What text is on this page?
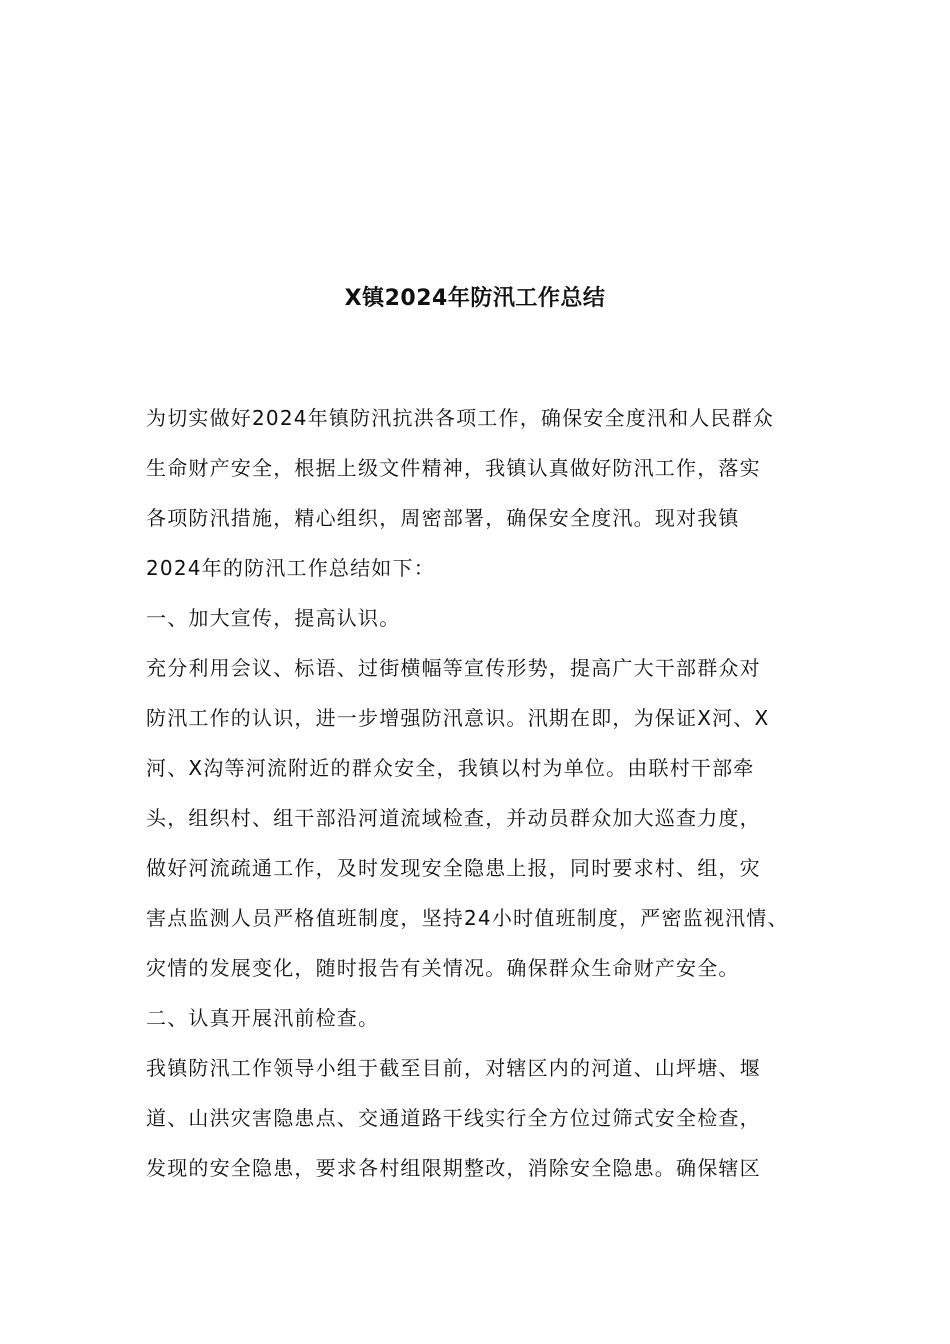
X镇2024年防汛工作总结
为切实做好2024年镇防汛抗洪各项工作，确保安全度汛和人民群众
生命财产安全，根据上级文件精神，我镇认真做好防汛工作，落实
各项防汛措施，精心组织，周密部署，确保安全度汛。现对我镇
2024年的防汛工作总结如下：
一、加大宣传，提高认识。
充分利用会议、标语、过街横幅等宣传形势，提高广大干部群众对
防汛工作的认识，进一步增强防汛意识。汛期在即，为保证X河、X
河、X沟等河流附近的群众安全，我镇以村为单位。由联村干部牵
头，组织村、组干部沿河道流域检查，并动员群众加大巡查力度，
做好河流疏通工作，及时发现安全隐患上报，同时要求村、组，灾
害点监测人员严格值班制度，坚持24小时值班制度，严密监视汛情、
灾情的发展变化，随时报告有关情况。确保群众生命财产安全。
二、认真开展汛前检查。
我镇防汛工作领导小组于截至目前，对辖区内的河道、山坪塘、堰
道、山洪灾害隐患点、交通道路干线实行全方位过筛式安全检查，
发现的安全隐患，要求各村组限期整改，消除安全隐患。确保辖区
